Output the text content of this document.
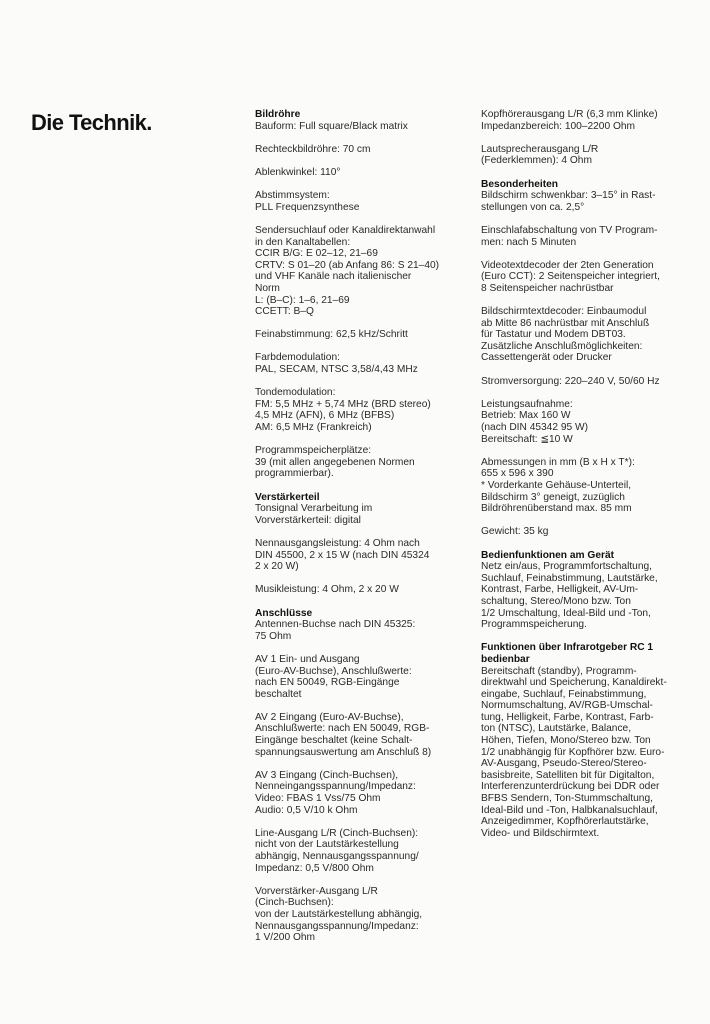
Die Technik.	Bildröhre
Bauform: Full square/Black matrix
Rechteckbildröhre: 70 cm
Ablenkwinkel: 110°
Abstimmsystem:
PLL Frequenzsynthese
Sendersuchlauf oder Kanaldirektanwahl
in den Kanaltabellen:
CCIR B/G: E 02–12, 21–69
CRTV: S 01–20 (ab Anfang 86: S 21–40)
und VHF Kanäle nach italienischer
Norm
L: (B–C): 1–6, 21–69
CCETT: B–Q
Feinabstimmung: 62,5 kHz/Schritt
Farbdemodulation:
PAL, SECAM, NTSC 3,58/4,43 MHz
Tondemodulation:
FM: 5,5 MHz + 5,74 MHz (BRD stereo)
4,5 MHz (AFN), 6 MHz (BFBS)
AM: 6,5 MHz (Frankreich)
Programmspeicherplätze:
39 (mit allen angegebenen Normen
programmierbar).
Verstärkerteil
Tonsignal Verarbeitung im
Vorverstärkerteil: digital
Nennausgangsleistung: 4 Ohm nach
DIN 45500, 2 x 15 W (nach DIN 45324
2 x 20 W)
Musikleistung: 4 Ohm, 2 x 20 W
Anschlüsse
Antennen-Buchse nach DIN 45325:
75 Ohm
AV 1 Ein- und Ausgang
(Euro-AV-Buchse), Anschlußwerte:
nach EN 50049, RGB-Eingänge
beschaltet
AV 2 Eingang (Euro-AV-Buchse),
Anschlußwerte: nach EN 50049, RGB-
Eingänge beschaltet (keine Schalt-
spannungsauswertung am Anschluß 8)
AV 3 Eingang (Cinch-Buchsen),
Nenneingangsspannung/Impedanz:
Video: FBAS 1 Vss/75 Ohm
Audio: 0,5 V/10 k Ohm
Line-Ausgang L/R (Cinch-Buchsen):
nicht von der Lautstärkestellung
abhängig, Nennausgangsspannung/
Impedanz: 0,5 V/800 Ohm
Vorverstärker-Ausgang L/R
(Cinch-Buchsen):
von der Lautstärkestellung abhängig,
Nennausgangsspannung/Impedanz:
1 V/200 Ohm
Kopfhörerausgang L/R (6,3 mm Klinke)
Impedanzbereich: 100–2200 Ohm
Lautsprecherausgang L/R
(Federklemmen): 4 Ohm
Besonderheiten
Bildschirm schwenkbar: 3–15° in Rast-
stellungen von ca. 2,5°
Einschlafabschaltung von TV Program-
men: nach 5 Minuten
Videotextdecoder der 2ten Generation
(Euro CCT): 2 Seitenspeicher integriert,
8 Seitenspeicher nachrüstbar
Bildschirmtextdecoder: Einbaumodul
ab Mitte 86 nachrüstbar mit Anschluß
für Tastatur und Modem DBT03.
Zusätzliche Anschlußmöglichkeiten:
Cassettengerät oder Drucker
Stromversorgung: 220–240 V, 50/60 Hz
Leistungsaufnahme:
Betrieb: Max 160 W
(nach DIN 45342 95 W)
Bereitschaft: ≦10 W
Abmessungen in mm (B x H x T*):
655 x 596 x 390
* Vorderkante Gehäuse-Unterteil,
Bildschirm 3° geneigt, zuzüglich
Bildröhrenüberstand max. 85 mm
Gewicht: 35 kg
Bedienfunktionen am Gerät
Netz ein/aus, Programmfortschaltung,
Suchlauf, Feinabstimmung, Lautstärke,
Kontrast, Farbe, Helligkeit, AV-Um-
schaltung, Stereo/Mono bzw. Ton
1/2 Umschaltung, Ideal-Bild und -Ton,
Programmspeicherung.
Funktionen über Infrarotgeber RC 1
bedienbar
Bereitschaft (standby), Programm-
direktwahl und Speicherung, Kanaldirekt-
eingabe, Suchlauf, Feinabstimmung,
Normumschaltung, AV/RGB-Umschal-
tung, Helligkeit, Farbe, Kontrast, Farb-
ton (NTSC), Lautstärke, Balance,
Höhen, Tiefen, Mono/Stereo bzw. Ton
1/2 unabhängig für Kopfhörer bzw. Euro-
AV-Ausgang, Pseudo-Stereo/Stereo-
basisbreite, Satelliten bit für Digitalton,
Interferenzunterdrückung bei DDR oder
BFBS Sendern, Ton-Stummschaltung,
Ideal-Bild und -Ton, Halbkanalsuchlauf,
Anzeigedimmer, Kopfhörerlautstärke,
Video- und Bildschirmtext.
